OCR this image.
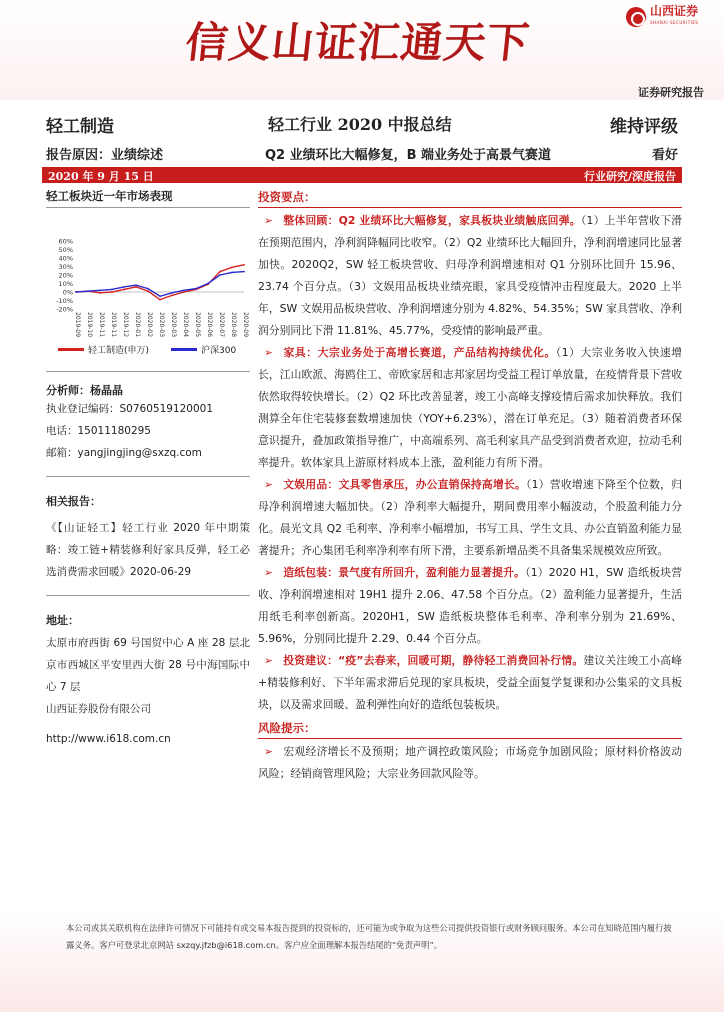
信义山证汇通天下
山西证券
SHANXI SECURITIES
证券研究报告
轻工制造	轻工行业 2020 中报总结	维持评级
报告原因：业绩综述	Q2 业绩环比大幅修复，B 端业务处于高景气赛道	看好
2020 年 9 月 15 日	行业研究/深度报告
轻工板块近一年市场表现
60%
50%
40%
30%
20%
10%
0%
-10%
-20%
2019-09 2019-10 2019-11 2019-11 2019-12 2020-01 2020-02 2020-03 2020-03 2020-04 2020-05 2020-06 2020-07 2020-08 2020-09
轻工制造(申万)	沪深300
分析师：杨晶晶
执业登记编码：S0760519120001
电话：15011180295
邮箱：yangjingjing@sxzq.com
相关报告：
《【山证轻工】轻工行业 2020 年中期策略：竣工链+精装修利好家具反弹，轻工必选消费需求回暖》2020-06-29
地址：
太原市府西街 69 号国贸中心 A 座 28 层北京市西城区平安里西大街 28 号中海国际中心 7 层
山西证券股份有限公司
http://www.i618.com.cn
投资要点：

➢ 整体回顾：Q2 业绩环比大幅修复，家具板块业绩触底回弹。（1）上半年营收下滑在预期范围内，净利润降幅同比收窄。（2）Q2 业绩环比大幅回升，净利润增速同比显著加快。2020Q2，SW 轻工板块营收、归母净利润增速相对 Q1 分别环比回升 15.96、23.74 个百分点。（3）文娱用品板块业绩亮眼，家具受疫情冲击程度最大。2020 上半年，SW 文娱用品板块营收、净利润增速分别为 4.82%、54.35%；SW 家具营收、净利润分别同比下滑 11.81%、45.77%，受疫情的影响最严重。

➢ 家具：大宗业务处于高增长赛道，产品结构持续优化。（1）大宗业务收入快速增长，江山欧派、海鸥住工、帝欧家居和志邦家居均受益工程订单放量，在疫情背景下营收依然取得较快增长。（2）Q2 环比改善显著，竣工小高峰支撑疫情后需求加快释放。我们测算全年住宅装修套数增速加快（YOY+6.23%），潜在订单充足。（3）随着消费者环保意识提升，叠加政策指导推广，中高端系列、高毛利家具产品受到消费者欢迎，拉动毛利率提升。软体家具上游原材料成本上涨，盈利能力有所下滑。

➢ 文娱用品：文具零售承压，办公直销保持高增长。（1）营收增速下降至个位数，归母净利润增速大幅加快。（2）净利率大幅提升，期间费用率小幅波动，个股盈利能力分化。晨光文具 Q2 毛利率、净利率小幅增加，书写工具、学生文具、办公直销盈利能力显著提升；齐心集团毛利率净利率有所下滑，主要系新增品类不具备集采规模效应所致。

➢ 造纸包装：景气度有所回升，盈利能力显著提升。（1）2020 H1，SW 造纸板块营收、净利润增速相对 19H1 提升 2.06、47.58 个百分点。（2）盈利能力显著提升，生活用纸毛利率创新高。2020H1，SW 造纸板块整体毛利率、净利率分别为 21.69%、5.96%，分别同比提升 2.29、0.44 个百分点。

➢ 投资建议：“疫”去春来，回暖可期，静待轻工消费回补行情。建议关注竣工小高峰+精装修利好、下半年需求滞后兑现的家具板块，受益全面复学复课和办公集采的文具板块，以及需求回暖、盈利弹性向好的造纸包装板块。

风险提示：

➢ 宏观经济增长不及预期；地产调控政策风险；市场竞争加剧风险；原材料价格波动风险；经销商管理风险；大宗业务回款风险等。

本公司或其关联机构在法律许可情况下可能持有或交易本报告提到的投资标的，还可能为或争取为这些公司提供投资银行或财务顾问服务。本公司在知晓范围内履行披露义务。客户可登录北京网站 sxzqy.jfzb@i618.com.cn。客户应全面理解本报告结尾的“免责声明”。
